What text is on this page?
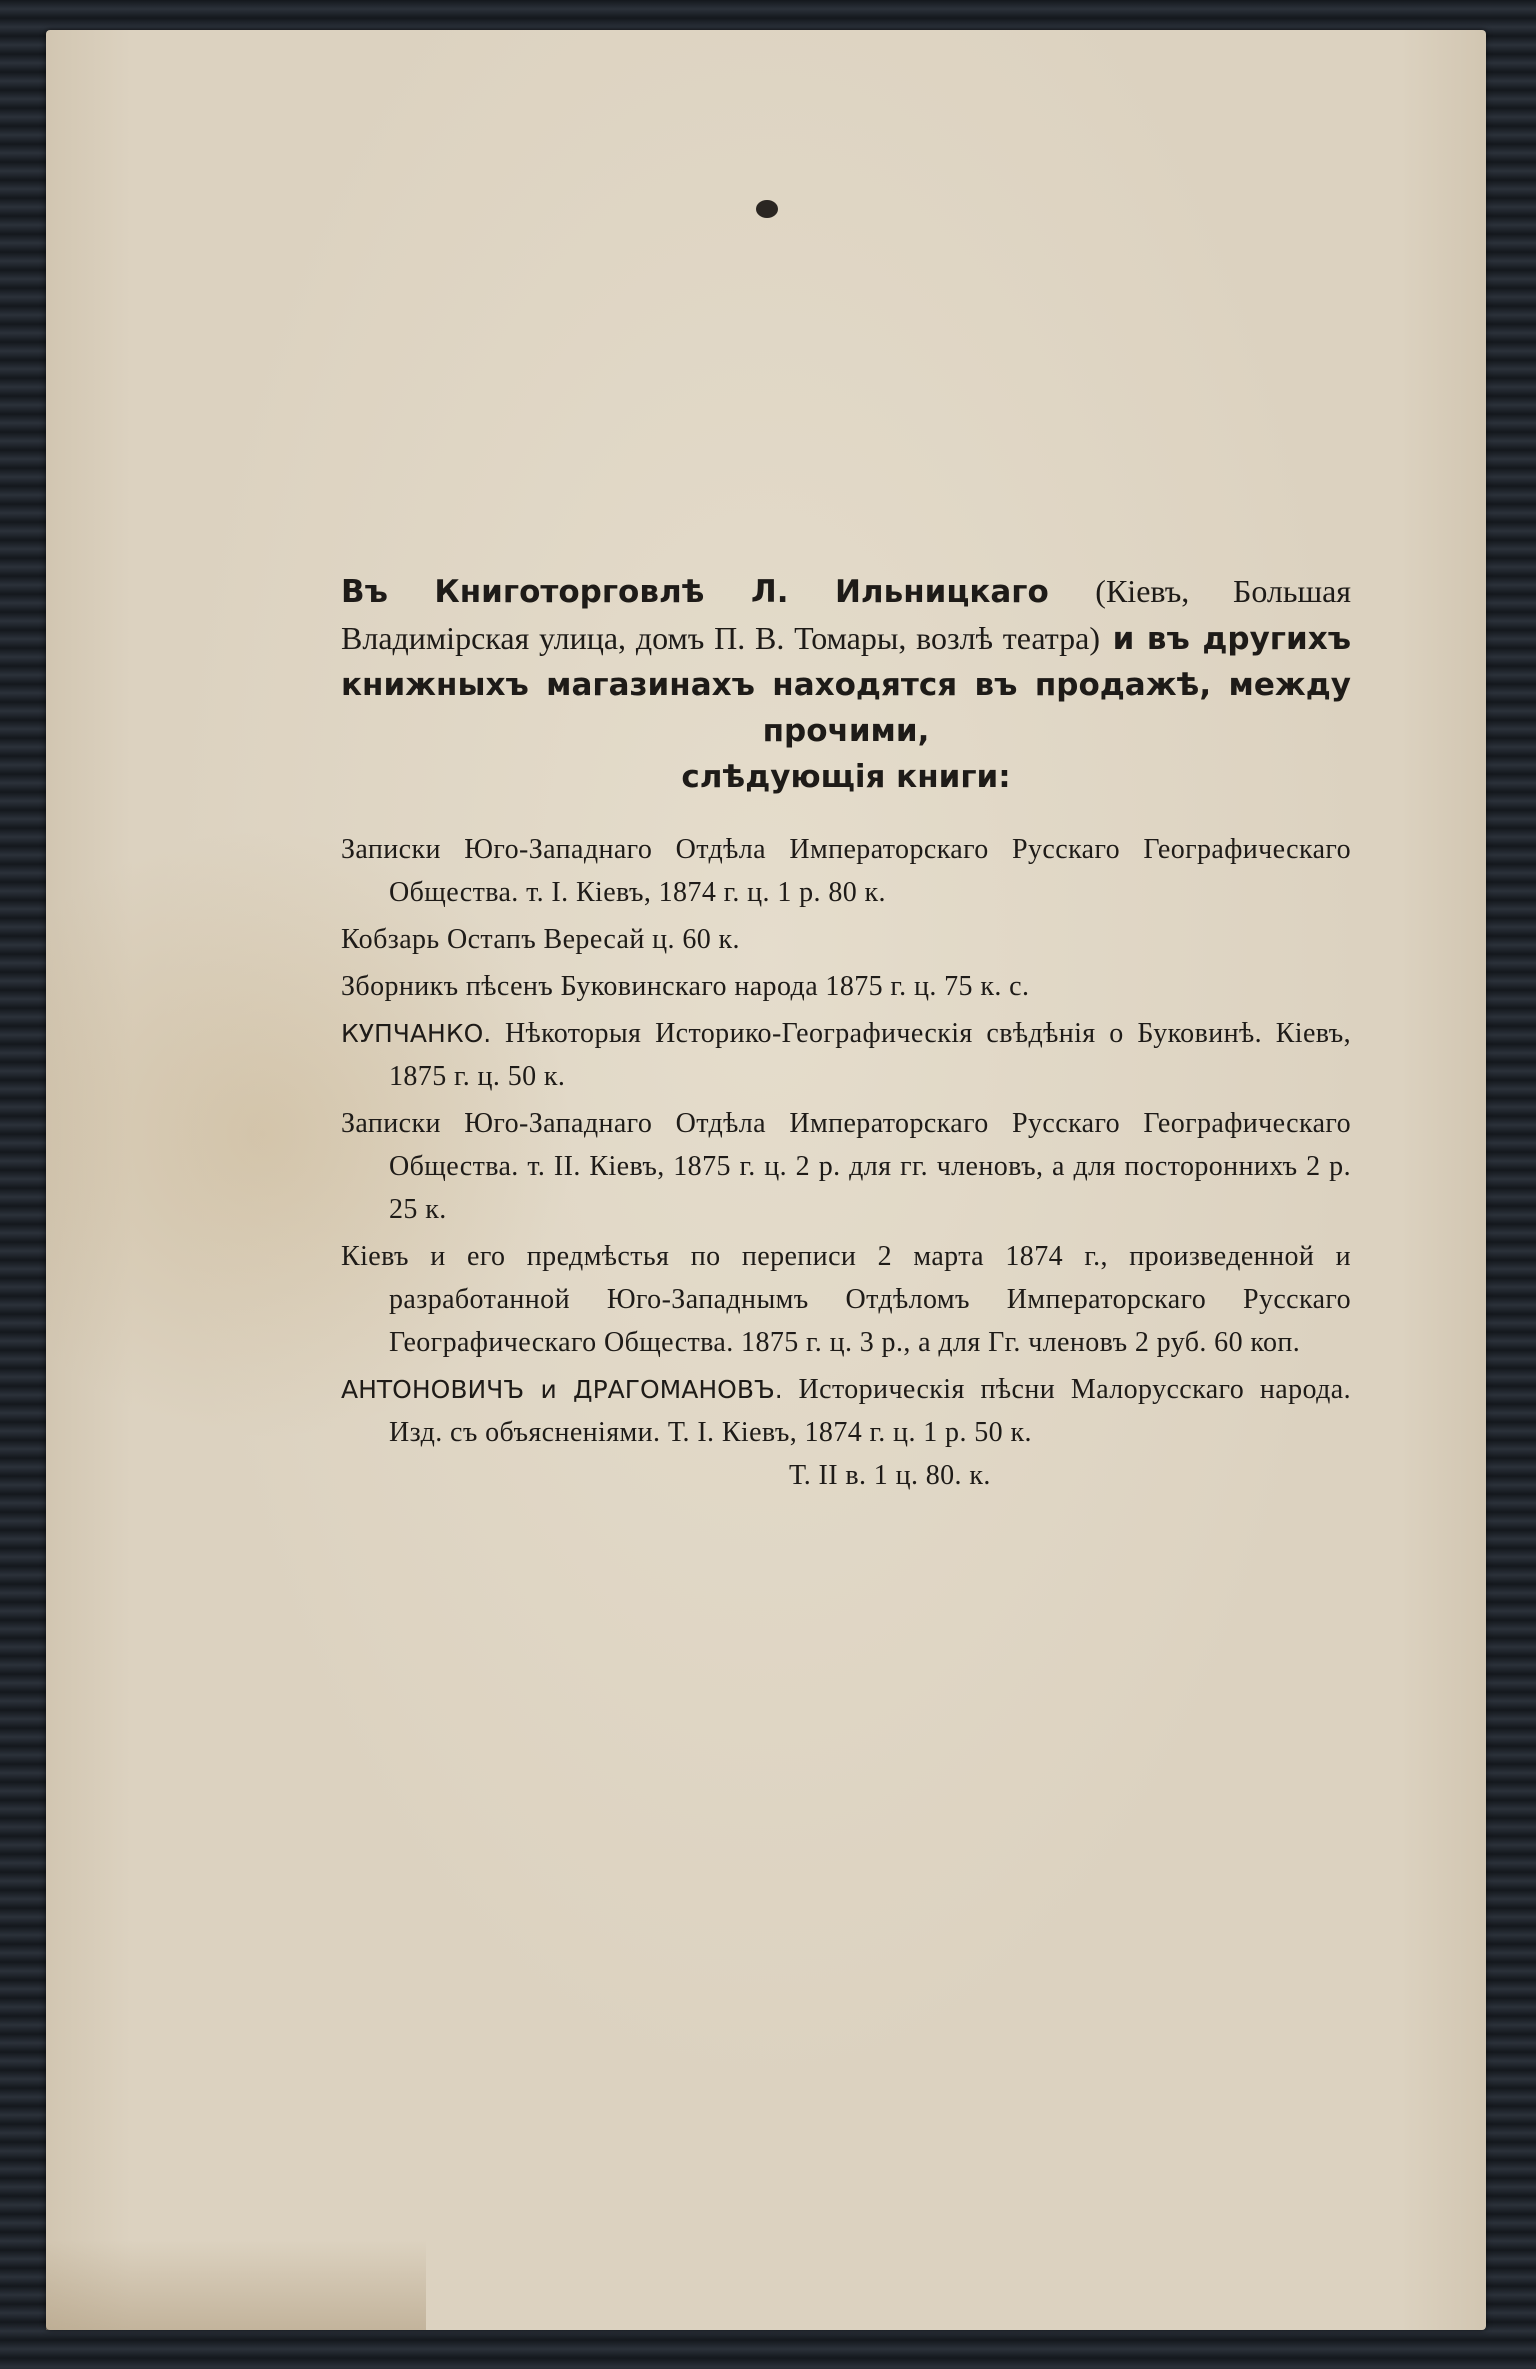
Въ Книготорговлѣ Л. Ильницкаго (Кіевъ, Большая Владимірская улица, домъ П. В. Томары, возлѣ театра) и въ другихъ книжныхъ магазинахъ находятся въ продажѣ, между прочими,
слѣдующія книги:

Записки Юго-Западнаго Отдѣла Императорскаго Русскаго Географическаго Общества. т. I. Кіевъ, 1874 г. ц. 1 р. 80 к.

Кобзарь Остапъ Вересай ц. 60 к.

Зборникъ пѣсенъ Буковинскаго народа 1875 г. ц. 75 к. с.

КУПЧАНКО. Нѣкоторыя Историко-Географическія свѣдѣнія о Буковинѣ. Кіевъ, 1875 г. ц. 50 к.

Записки Юго-Западнаго Отдѣла Императорскаго Русскаго Географическаго Общества. т. II. Кіевъ, 1875 г. ц. 2 р. для гг. членовъ, а для постороннихъ 2 р. 25 к.

Кіевъ и его предмѣстья по переписи 2 марта 1874 г., произведенной и разработанной Юго-Западнымъ Отдѣломъ Императорскаго Русскаго Географическаго Общества. 1875 г. ц. 3 р., а для Гг. членовъ 2 руб. 60 коп.

АНТОНОВИЧЪ и ДРАГОМАНОВЪ. Историческія пѣсни Малорусскаго народа. Изд. съ объясненіями. Т. I. Кіевъ, 1874 г. ц. 1 р. 50 к.
Т. II в. 1 ц. 80. к.
